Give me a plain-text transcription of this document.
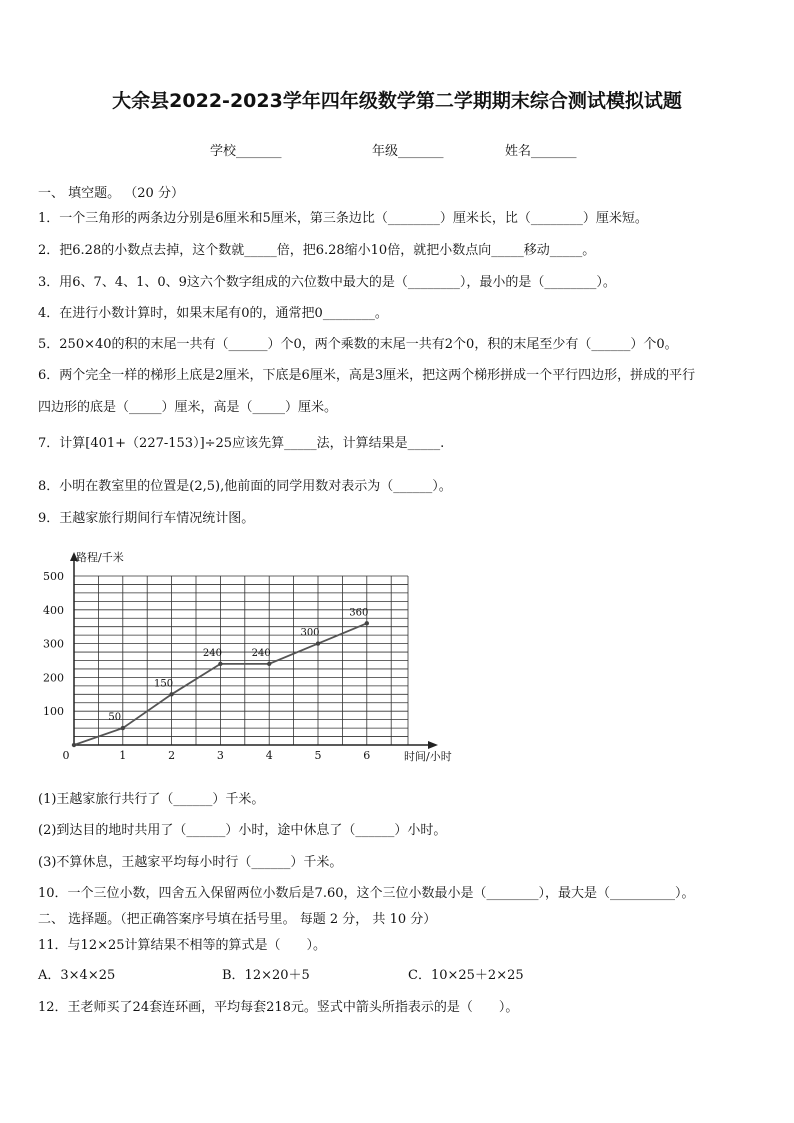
大余县2022-2023学年四年级数学第二学期期末综合测试模拟试题
学校_______	年级_______	姓名_______
一、 填空题。 （20 分）
1．一个三角形的两条边分别是6厘米和5厘米，第三条边比（________）厘米长，比（________）厘米短。
2．把6.28的小数点去掉，这个数就_____倍，把6.28缩小10倍，就把小数点向_____移动_____。
3．用6、7、4、1、0、9这六个数字组成的六位数中最大的是（________），最小的是（________）。
4．在进行小数计算时，如果末尾有0的，通常把0________。
5．250×40的积的末尾一共有（______）个0，两个乘数的末尾一共有2个0，积的末尾至少有（______）个0。
6．两个完全一样的梯形上底是2厘米，下底是6厘米，高是3厘米，把这两个梯形拼成一个平行四边形，拼成的平行
四边形的底是（_____）厘米，高是（_____）厘米。
7．计算[401+（227-153）]÷25应该先算_____法，计算结果是_____.
8．小明在教室里的位置是(2,5),他前面的同学用数对表示为（______）。
9．王越家旅行期间行车情况统计图。
路程/千米
时间/小时
100
200
300
400
500
0	1	2	3	4	5	6
50
150
240	240
300
360
(1)王越家旅行共行了（______）千米。
(2)到达目的地时共用了（______）小时，途中休息了（______）小时。
(3)不算休息，王越家平均每小时行（______）千米。
10．一个三位小数，四舍五入保留两位小数后是7.60，这个三位小数最小是（________），最大是（__________）。
二、 选择题。（把正确答案序号填在括号里。 每题 2 分， 共 10 分）
11．与12×25计算结果不相等的算式是（　　）。
A．3×4×25	B．12×20＋5	C．10×25＋2×25
12．王老师买了24套连环画，平均每套218元。竖式中箭头所指表示的是（　　）。
